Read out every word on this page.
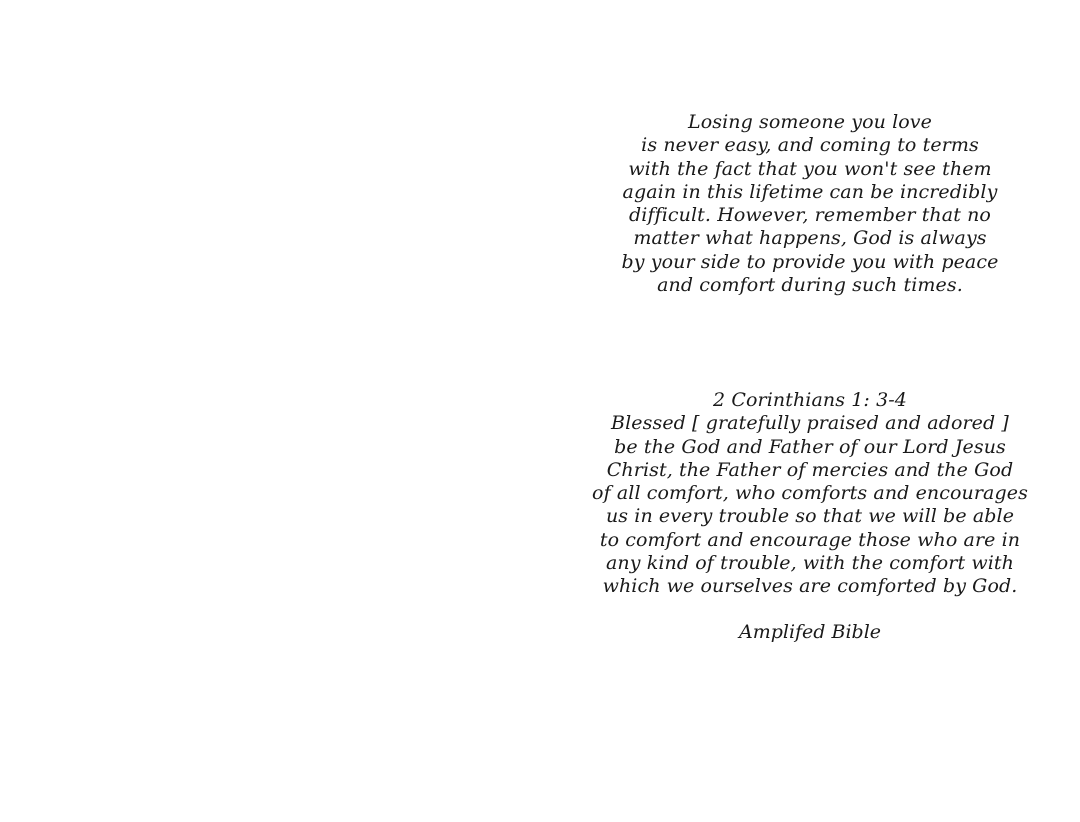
Losing someone you love
is never easy, and coming to terms
with the fact that you won't see them
again in this lifetime can be incredibly
difficult. However, remember that no
matter what happens, God is always
by your side to provide you with peace
and comfort during such times.
2 Corinthians 1: 3-4
Blessed [ gratefully praised and adored ]
be the God and Father of our Lord Jesus
Christ, the Father of mercies and the God
of all comfort, who comforts and encourages
us in every trouble so that we will be able
to comfort and encourage those who are in
any kind of trouble, with the comfort with
which we ourselves are comforted by God.
Amplifed Bible
